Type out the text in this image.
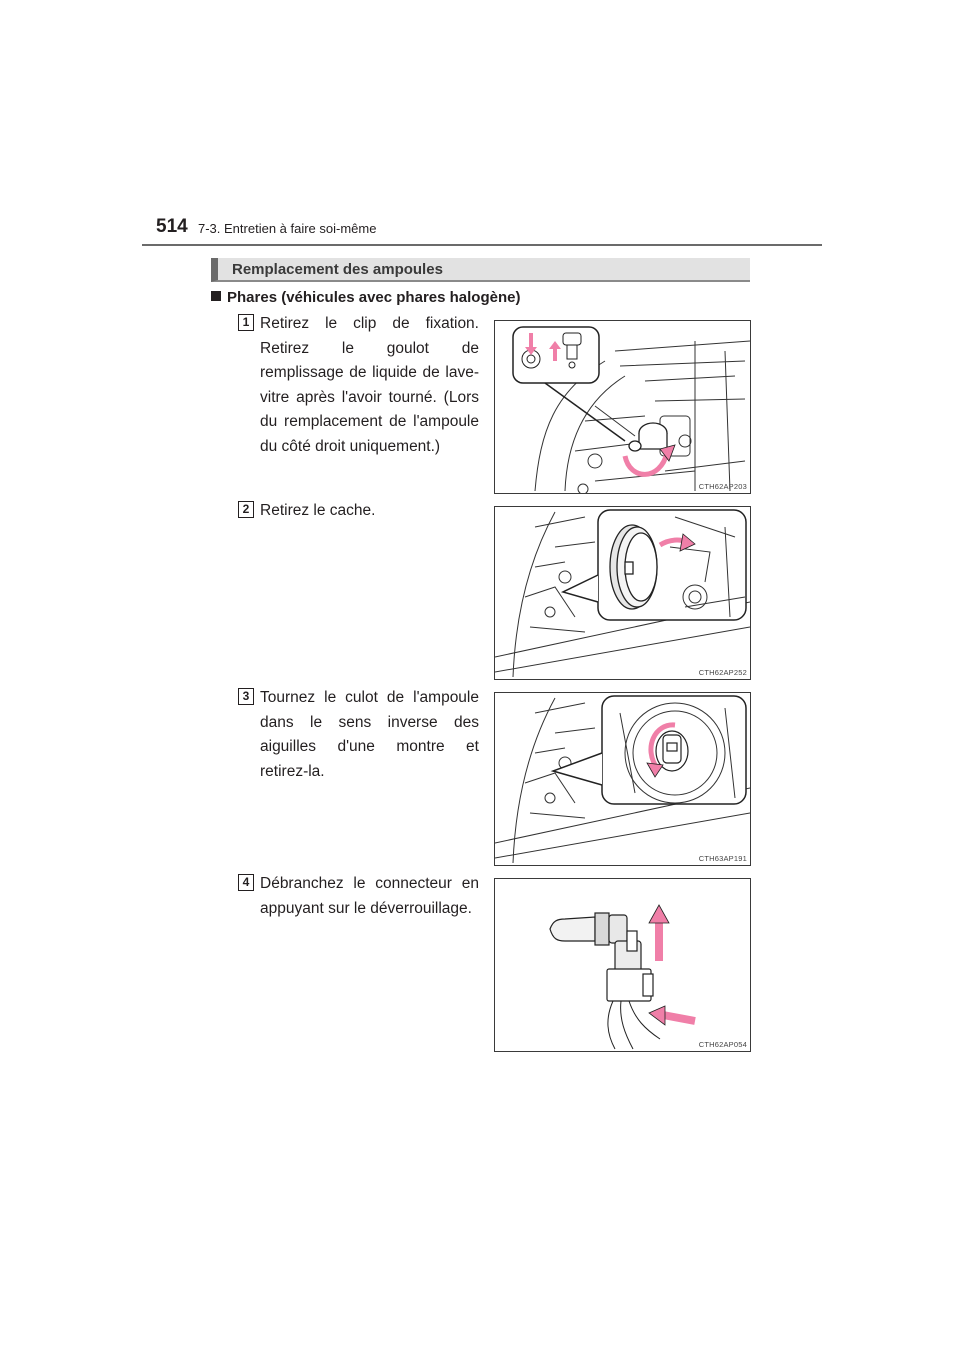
514 7-3. Entretien à faire soi-même
Remplacement des ampoules
Phares (véhicules avec phares halogène)
1 Retirez le clip de fixation. Retirez le goulot de remplissage de liquide de lave-vitre après l'avoir tourné. (Lors du remplacement de l'ampoule du côté droit uniquement.)
CTH62AP203
2 Retirez le cache.
CTH62AP252
3 Tournez le culot de l'ampoule dans le sens inverse des aiguilles d'une montre et retirez-la.
CTH63AP191
4 Débranchez le connecteur en appuyant sur le déverrouillage.
CTH62AP054
